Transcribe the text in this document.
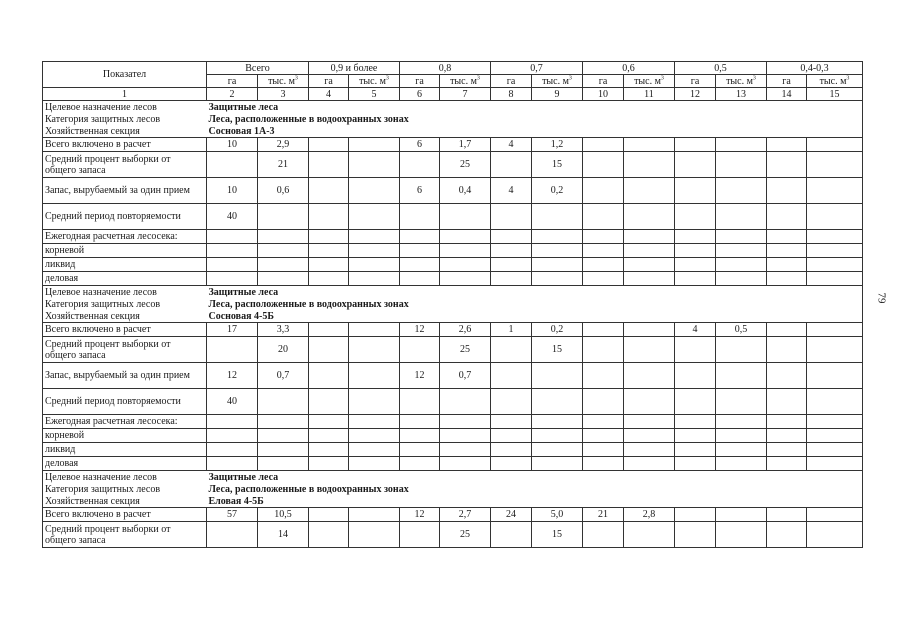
79
Показател	Всего		0,9 и более		0,8		0,7		0,6		0,5		0,4-0,3	
	га	тыс. $м^3$	га	тыс. $м^3$	га	тыс. $м^3$	га	тыс. $м^3$	га	тыс. $м^3$	га	тыс. $м^3$	га	тыс. $м^3$
1	2	3	4	5	6	7	8	9	10	11	12	13	14	15
Целевое назначение лесов	Защитные леса													
Категория защитных лесов	Леса, расположенные в водоохранных зонах													
Хозяйственная секция	Сосновая 1А-3													
Всего включено в расчет	10	2,9			6	1,7	4	1,2						
Средний процент выборки от общего запаса		21				25		15						
Запас, вырубаемый за один прием	10	0,6			6	0,4	4	0,2						
Средний период повторяемости	40													
Ежегодная расчетная лесосека:														
корневой														
ликвид														
деловая														
Целевое назначение лесов	Защитные леса													
Категория защитных лесов	Леса, расположенные в водоохранных зонах													
Хозяйственная секция	Сосновая 4-5Б													
Всего включено в расчет	17	3,3			12	2,6	1	0,2			4	0,5		
Средний процент выборки от общего запаса		20				25		15						
Запас, вырубаемый за один прием	12	0,7			12	0,7								
Средний период повторяемости	40													
Ежегодная расчетная лесосека:														
корневой														
ликвид														
деловая														
Целевое назначение лесов	Защитные леса													
Категория защитных лесов	Леса, расположенные в водоохранных зонах													
Хозяйственная секция	Еловая 4-5Б													
Всего включено в расчет	57	10,5			12	2,7	24	5,0	21	2,8				
Средний процент выборки от общего запаса		14				25		15						
